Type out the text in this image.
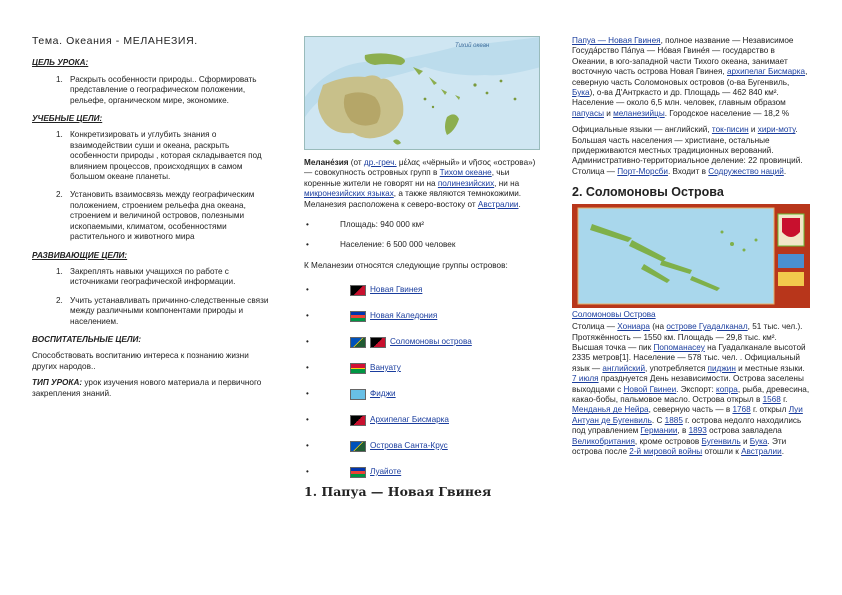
Тема. Океания - МЕЛАНЕЗИЯ.
ЦЕЛЬ УРОКА:
1. Раскрыть особенности природы.. Сформировать представление о географическом положении, рельефе, органическом мире, экономике.
УЧЕБНЫЕ ЦЕЛИ:
1. Конкретизировать и углубить знания о взаимодействии суши и океана, раскрыть особенности природы , которая складывается под влиянием процессов, происходящих в самом большом океане планеты.
2. Установить взаимосвязь между географическим положением, строением рельефа дна океана, строением и величиной островов, полезными ископаемыми, климатом, особенностями растительного и животного мира
РАЗВИВАЮЩИЕ ЦЕЛИ:
1. Закреплять навыки учащихся по работе с источниками географической информации.
2. Учить устанавливать причинно-следственные связи между различными компонентами природы и населением.
ВОСПИТАТЕЛЬНЫЕ ЦЕЛИ:
Способствовать воспитанию интереса к познанию жизни других народов..
ТИП УРОКА: урок изучения нового материала и первичного закрепления знаний.
Тихий океан
Мелане́зия (от др.-греч. μέλας «чёрный» и νῆσος «острова») — совокупность островных групп в Тихом океане, чьи коренные жители не говорят ни на полинезийских, ни на микронезийских языках, а также являются темнокожими. Меланезия расположена к северо-востоку от Австралии.
•	Площадь: 940 000 км²
•	Население: 6 500 000 человек
К Меланезии относятся следующие группы островов:
•	Новая Гвинея
•	Новая Каледония
•	Соломоновы острова
•	Вануату
•	Фиджи
•	Архипелаг Бисмарка
•	Острова Санта-Крус
•	Луайоте
1. Папуа — Новая Гвинея
Папуа — Новая Гвинея, полное название — Независимое Госуда́рство Па́пуа — Но́вая Гвине́я — государство в Океании, в юго-западной части Тихого океана, занимает восточную часть острова Новая Гвинея, архипелаг Бисмарка, северную часть Соломоновых островов (о-ва Бугенвиль, Бука), о-ва Д'Антркасто и др. Площадь — 462 840 км². Население — около 6,5 млн. человек, главным образом папуасы и меланезийцы. Городское население — 18,2 %
Официальные языки — английский, ток-писин и хири-моту. Большая часть населения — христиане, остальные придерживаются местных традиционных верований. Административно-территориальное деление: 22 провинций. Столица — Порт-Морсби. Входит в Содружество наций.
2. Соломоновы Острова
Соломоновы Острова
Столица — Хониара (на острове Гуадалканал, 51 тыс. чел.). Протяжённость — 1550 км. Площадь — 29,8 тыс. км². Высшая точка — пик Попоманасеу на Гуадалканале высотой 2335 метров[1]. Население — 578 тыс. чел. . Официальный язык — английский, употребляется пиджин и местные языки. 7 июля празднуется День независимости. Острова заселены выходцами с Новой Гвинеи. Экспорт: копра, рыба, древесина, какао-бобы, пальмовое масло. Острова открыл в 1568 г. Менданья де Нейра, северную часть — в 1768 г. открыл Луи Антуан де Бугенвиль. С 1885 г. острова недолго находились под управлением Германии, в 1893 острова завладела Великобритания, кроме островов Бугенвиль и Бука. Эти острова после 2-й мировой войны отошли к Австралии.
